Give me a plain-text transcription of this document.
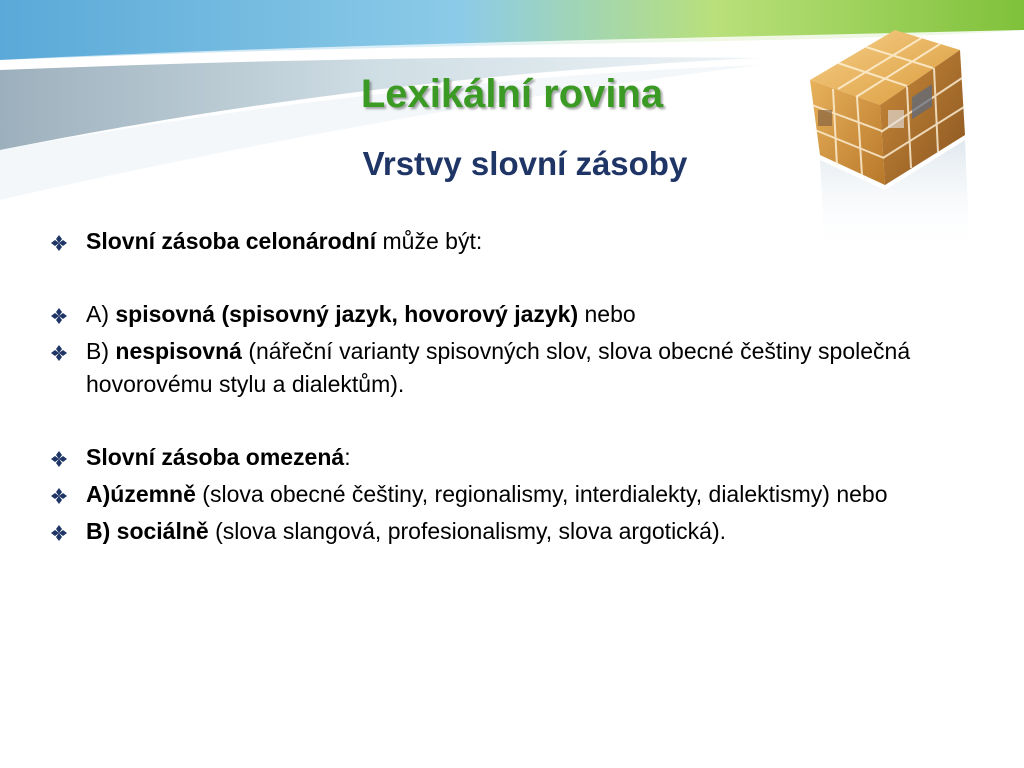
Lexikální rovina
Vrstvy slovní zásoby
Slovní zásoba celonárodní může být:
A) spisovná (spisovný jazyk, hovorový jazyk) nebo
B) nespisovná (nářeční varianty spisovných slov, slova obecné češtiny společná hovorovému stylu a dialektům).
Slovní zásoba omezená:
A)územně (slova obecné češtiny, regionalismy, interdialekty, dialektismy) nebo
B) sociálně (slova slangová, profesionalismy, slova argotická).
